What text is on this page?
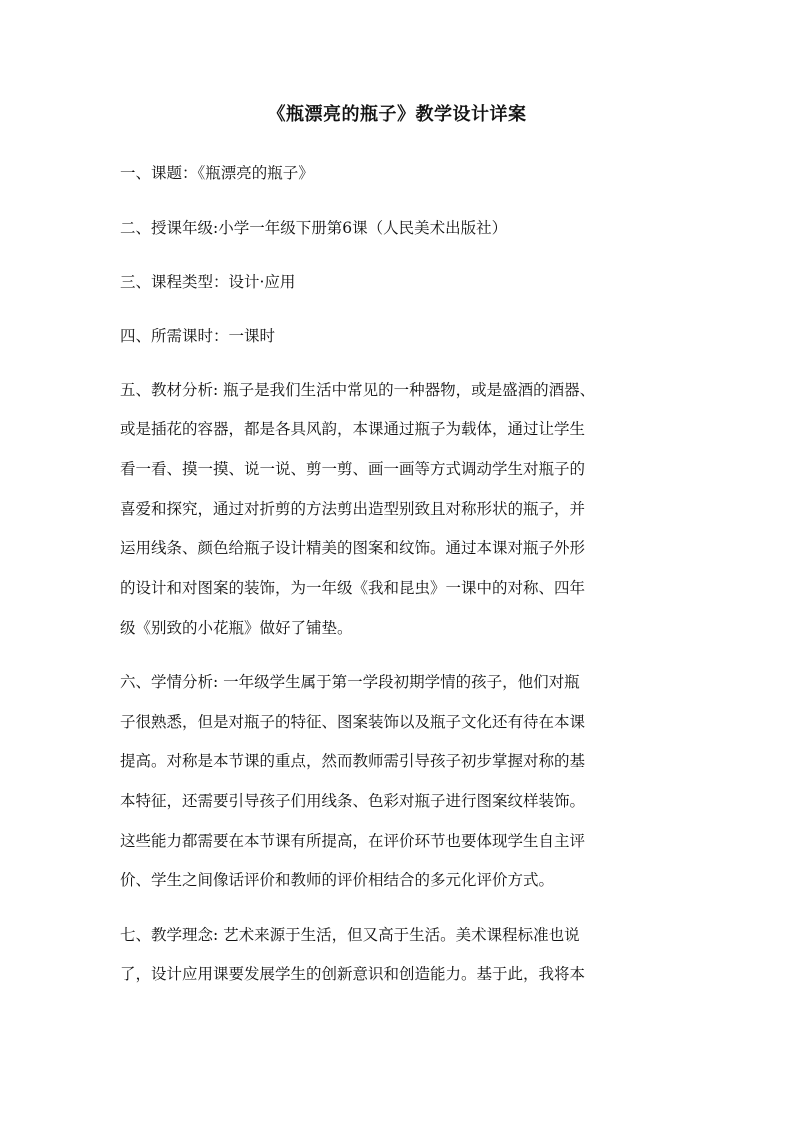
《瓶漂亮的瓶子》教学设计详案
一、课题：《瓶漂亮的瓶子》
二、授课年级:小学一年级下册第6课（人民美术出版社）
三、课程类型：设计·应用
四、所需课时：一课时
五、教材分析: 瓶子是我们生活中常见的一种器物，或是盛酒的酒器、
或是插花的容器，都是各具风韵，本课通过瓶子为载体，通过让学生
看一看、摸一摸、说一说、剪一剪、画一画等方式调动学生对瓶子的
喜爱和探究，通过对折剪的方法剪出造型别致且对称形状的瓶子，并
运用线条、颜色给瓶子设计精美的图案和纹饰。通过本课对瓶子外形
的设计和对图案的装饰，为一年级《我和昆虫》一课中的对称、四年
级《别致的小花瓶》做好了铺垫。
六、学情分析: 一年级学生属于第一学段初期学情的孩子，他们对瓶
子很熟悉，但是对瓶子的特征、图案装饰以及瓶子文化还有待在本课
提高。对称是本节课的重点，然而教师需引导孩子初步掌握对称的基
本特征，还需要引导孩子们用线条、色彩对瓶子进行图案纹样装饰。
这些能力都需要在本节课有所提高，在评价环节也要体现学生自主评
价、学生之间像话评价和教师的评价相结合的多元化评价方式。
七、教学理念: 艺术来源于生活，但又高于生活。美术课程标准也说
了，设计应用课要发展学生的创新意识和创造能力。基于此，我将本
